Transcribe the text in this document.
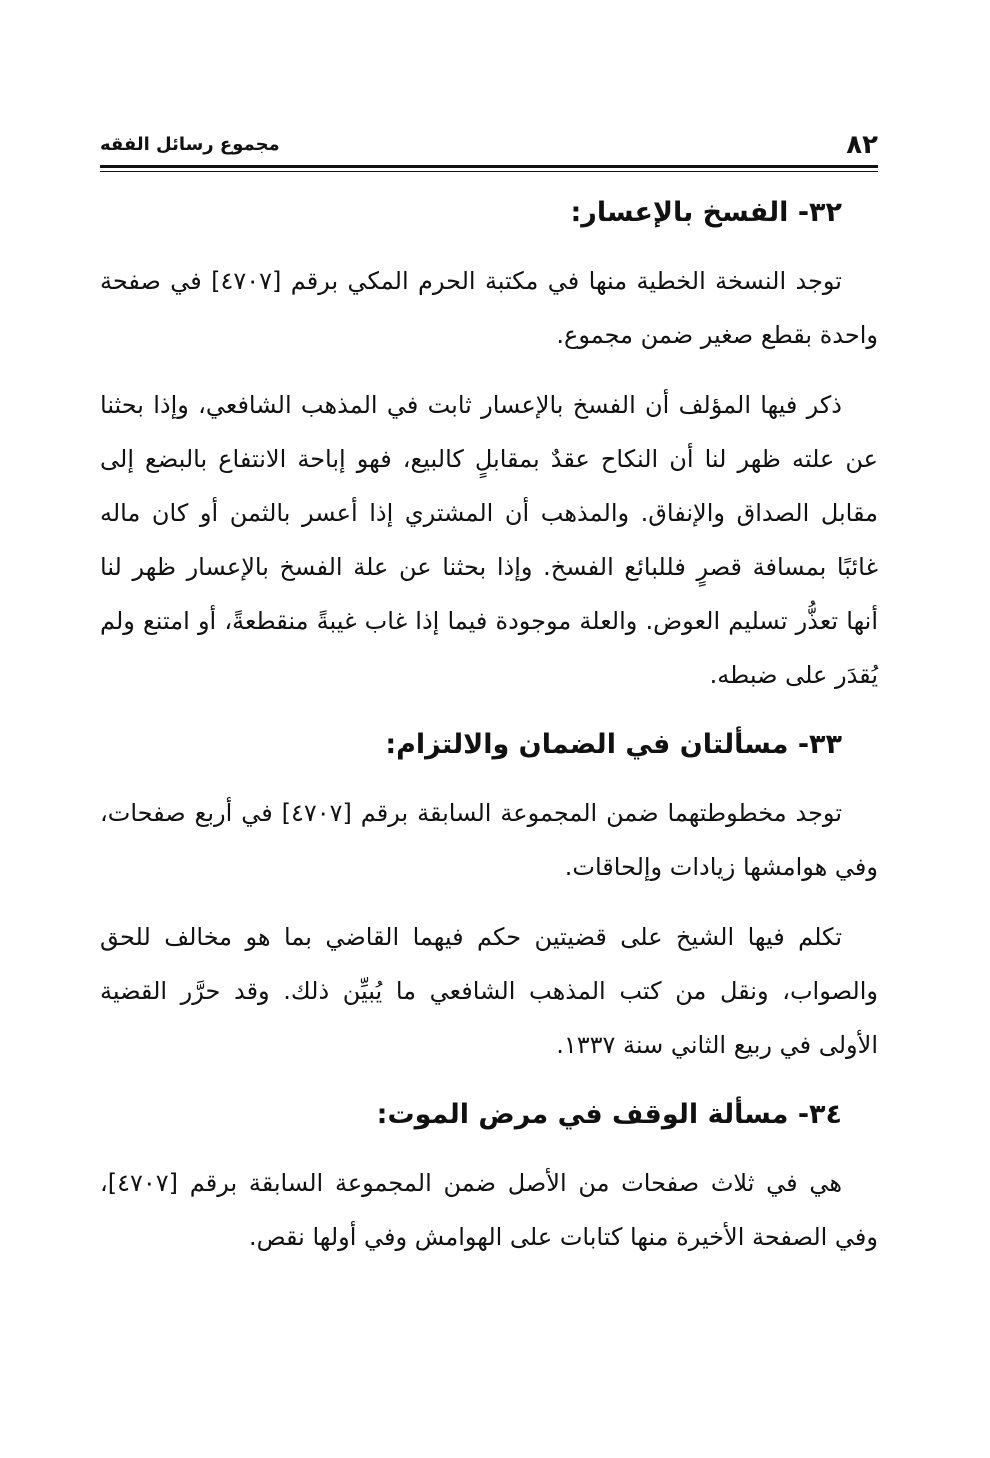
٨٢
مجموع رسائل الفقه
٣٢- الفسخ بالإعسار:

توجد النسخة الخطية منها في مكتبة الحرم المكي برقم [٤٧٠٧] في صفحة واحدة بقطع صغير ضمن مجموع.

ذكر فيها المؤلف أن الفسخ بالإعسار ثابت في المذهب الشافعي، وإذا بحثنا عن علته ظهر لنا أن النكاح عقدٌ بمقابلٍ كالبيع، فهو إباحة الانتفاع بالبضع إلى مقابل الصداق والإنفاق. والمذهب أن المشتري إذا أعسر بالثمن أو كان ماله غائبًا بمسافة قصرٍ فللبائع الفسخ. وإذا بحثنا عن علة الفسخ بالإعسار ظهر لنا أنها تعذُّر تسليم العوض. والعلة موجودة فيما إذا غاب غيبةً منقطعةً، أو امتنع ولم يُقدَر على ضبطه.

٣٣- مسألتان في الضمان والالتزام:

توجد مخطوطتهما ضمن المجموعة السابقة برقم [٤٧٠٧] في أربع صفحات، وفي هوامشها زيادات وإلحاقات.

تكلم فيها الشيخ على قضيتين حكم فيهما القاضي بما هو مخالف للحق والصواب، ونقل من كتب المذهب الشافعي ما يُبيِّن ذلك. وقد حرَّر القضية الأولى في ربيع الثاني سنة ١٣٣٧.

٣٤- مسألة الوقف في مرض الموت:

هي في ثلاث صفحات من الأصل ضمن المجموعة السابقة برقم [٤٧٠٧]، وفي الصفحة الأخيرة منها كتابات على الهوامش وفي أولها نقص.
